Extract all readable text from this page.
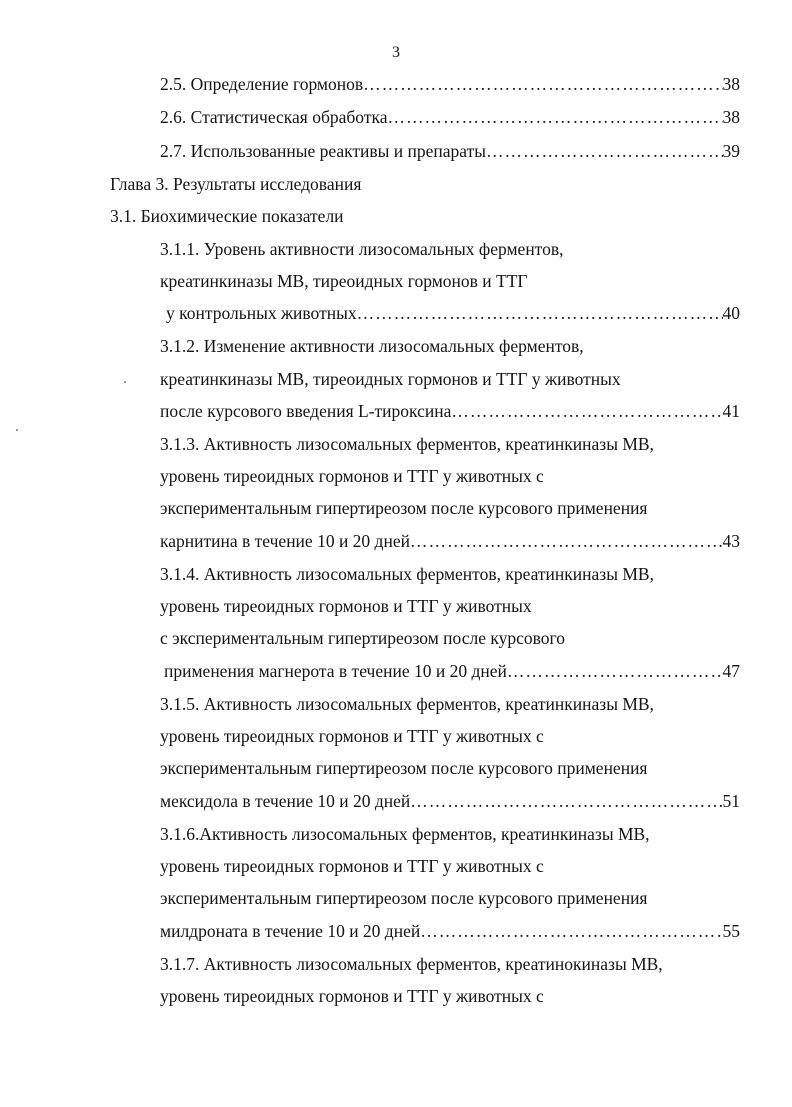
3
2.5. Определение гормонов …………………………………………………………………………………………………………………………	38
2.6. Статистическая обработка …………………………………………………………………………………………………………………………	38
2.7. Использованные реактивы и препараты …………………………………………………………………………………………………………………………	39
Глава 3. Результаты исследования
3.1. Биохимические показатели
3.1.1. Уровень активности лизосомальных ферментов,
креатинкиназы МВ, тиреоидных гормонов и ТТГ
у контрольных животных …………………………………………………………………………………………………………………………	40
3.1.2. Изменение активности лизосомальных ферментов,
креатинкиназы МВ, тиреоидных гормонов и ТТГ у животных
после курсового введения L-тироксина …………………………………………………………………………………………………………………………	41
3.1.3. Активность лизосомальных ферментов, креатинкиназы МВ,
уровень тиреоидных гормонов и ТТГ у животных с
экспериментальным гипертиреозом после курсового применения
карнитина в течение 10 и 20 дней …………………………………………………………………………………………………………………………	43
3.1.4. Активность лизосомальных ферментов, креатинкиназы МВ,
уровень тиреоидных гормонов и ТТГ у животных
с экспериментальным гипертиреозом после курсового
применения магнерота в течение 10 и 20 дней …………………………………………………………………………………………………………………………	47
3.1.5. Активность лизосомальных ферментов, креатинкиназы МВ,
уровень тиреоидных гормонов и ТТГ у животных с
экспериментальным гипертиреозом после курсового применения
мексидола в течение 10 и 20 дней …………………………………………………………………………………………………………………………	51
3.1.6.Активность лизосомальных ферментов, креатинкиназы МВ,
уровень тиреоидных гормонов и ТТГ у животных с
экспериментальным гипертиреозом после курсового применения
милдроната в течение 10 и 20 дней …………………………………………………………………………………………………………………………	55
3.1.7. Активность лизосомальных ферментов, креатинокиназы МВ,
уровень тиреоидных гормонов и ТТГ у животных с
